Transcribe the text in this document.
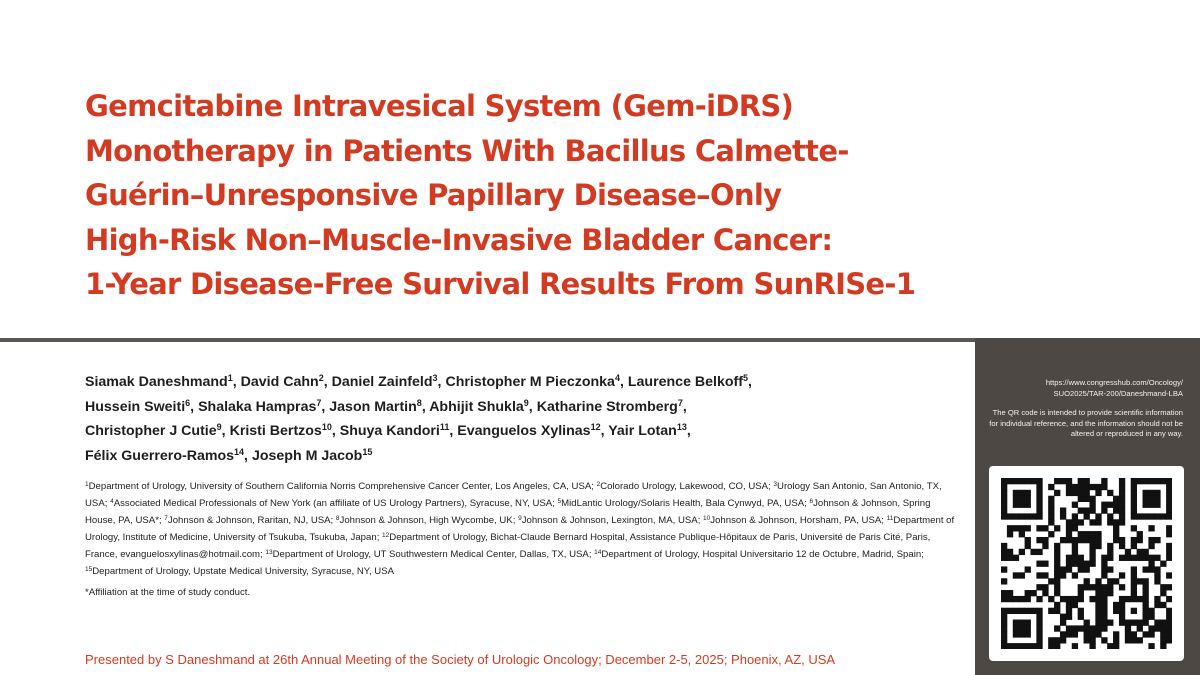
Gemcitabine Intravesical System (Gem-iDRS)
Monotherapy in Patients With Bacillus Calmette-
Guérin–Unresponsive Papillary Disease–Only
High-Risk Non–Muscle-Invasive Bladder Cancer:
1-Year Disease-Free Survival Results From SunRISe-1
Siamak Daneshmand$^1$, David Cahn$^2$, Daniel Zainfeld$^3$, Christopher M Pieczonka$^4$, Laurence Belkoff$^5$,
Hussein Sweiti$^6$, Shalaka Hampras$^7$, Jason Martin$^8$, Abhijit Shukla$^9$, Katharine Stromberg$^7$,
Christopher J Cutie$^9$, Kristi Bertzos$^{10}$, Shuya Kandori$^{11}$, Evanguelos Xylinas$^{12}$, Yair Lotan$^{13}$,
Félix Guerrero-Ramos$^{14}$, Joseph M Jacob$^{15}$
$^1$Department of Urology, University of Southern California Norris Comprehensive Cancer Center, Los Angeles, CA, USA; $^2$Colorado Urology, Lakewood, CO, USA; $^3$Urology San Antonio, San Antonio, TX, USA; $^4$Associated Medical Professionals of New York (an affiliate of US Urology Partners), Syracuse, NY, USA; $^5$MidLantic Urology/Solaris Health, Bala Cynwyd, PA, USA; $^6$Johnson & Johnson, Spring House, PA, USA*; $^7$Johnson & Johnson, Raritan, NJ, USA; $^8$Johnson & Johnson, High Wycombe, UK; $^9$Johnson & Johnson, Lexington, MA, USA; $^{10}$Johnson & Johnson, Horsham, PA, USA; $^{11}$Department of Urology, Institute of Medicine, University of Tsukuba, Tsukuba, Japan; $^{12}$Department of Urology, Bichat-Claude Bernard Hospital, Assistance Publique-Hôpitaux de Paris, Université de Paris Cité, Paris, France, evanguelosxylinas@hotmail.com; $^{13}$Department of Urology, UT Southwestern Medical Center, Dallas, TX, USA; $^{14}$Department of Urology, Hospital Universitario 12 de Octubre, Madrid, Spain; $^{15}$Department of Urology, Upstate Medical University, Syracuse, NY, USA
*Affiliation at the time of study conduct.
Presented by S Daneshmand at 26th Annual Meeting of the Society of Urologic Oncology; December 2-5, 2025; Phoenix, AZ, USA
https://www.congresshub.com/Oncology/
SUO2025/TAR-200/Daneshmand-LBA
The QR code is intended to provide scientific information for individual reference, and the information should not be altered or reproduced in any way.
